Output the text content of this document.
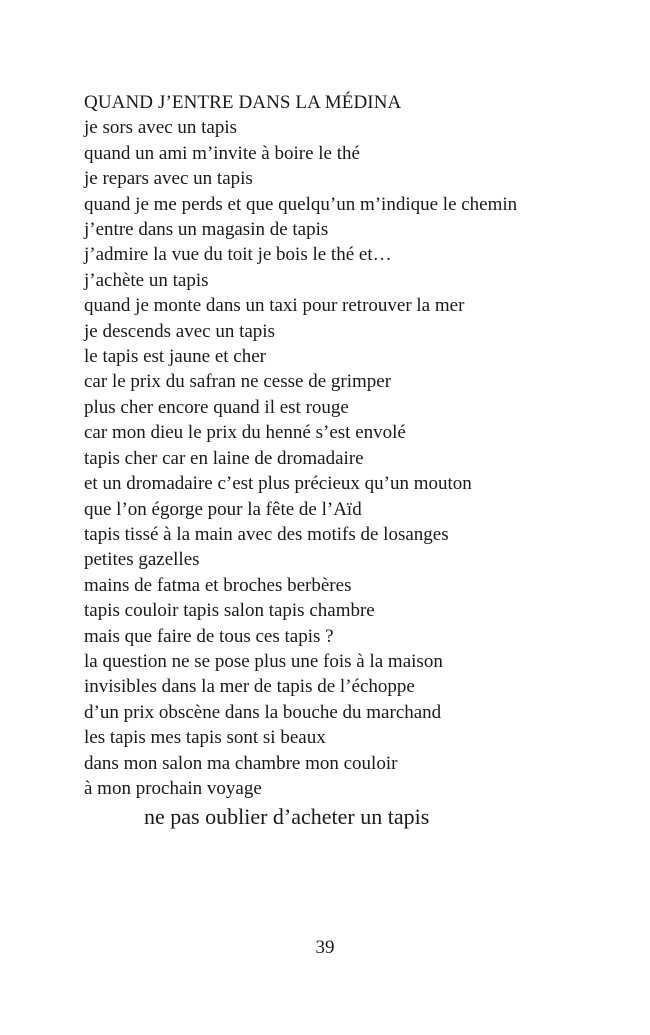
QUAND J’ENTRE DANS LA MÉDINA
je sors avec un tapis
quand un ami m’invite à boire le thé
je repars avec un tapis
quand je me perds et que quelqu’un m’indique le chemin
j’entre dans un magasin de tapis
j’admire la vue du toit je bois le thé et…
j’achète un tapis
quand je monte dans un taxi pour retrouver la mer
je descends avec un tapis
le tapis est jaune et cher
car le prix du safran ne cesse de grimper
plus cher encore quand il est rouge
car mon dieu le prix du henné s’est envolé
tapis cher car en laine de dromadaire
et un dromadaire c’est plus précieux qu’un mouton
que l’on égorge pour la fête de l’Aïd
tapis tissé à la main avec des motifs de losanges
petites gazelles
mains de fatma et broches berbères
tapis couloir tapis salon tapis chambre
mais que faire de tous ces tapis ?
la question ne se pose plus une fois à la maison
invisibles dans la mer de tapis de l’échoppe
d’un prix obscène dans la bouche du marchand
les tapis mes tapis sont si beaux
dans mon salon ma chambre mon couloir
à mon prochain voyage
ne pas oublier d’acheter un tapis
39
